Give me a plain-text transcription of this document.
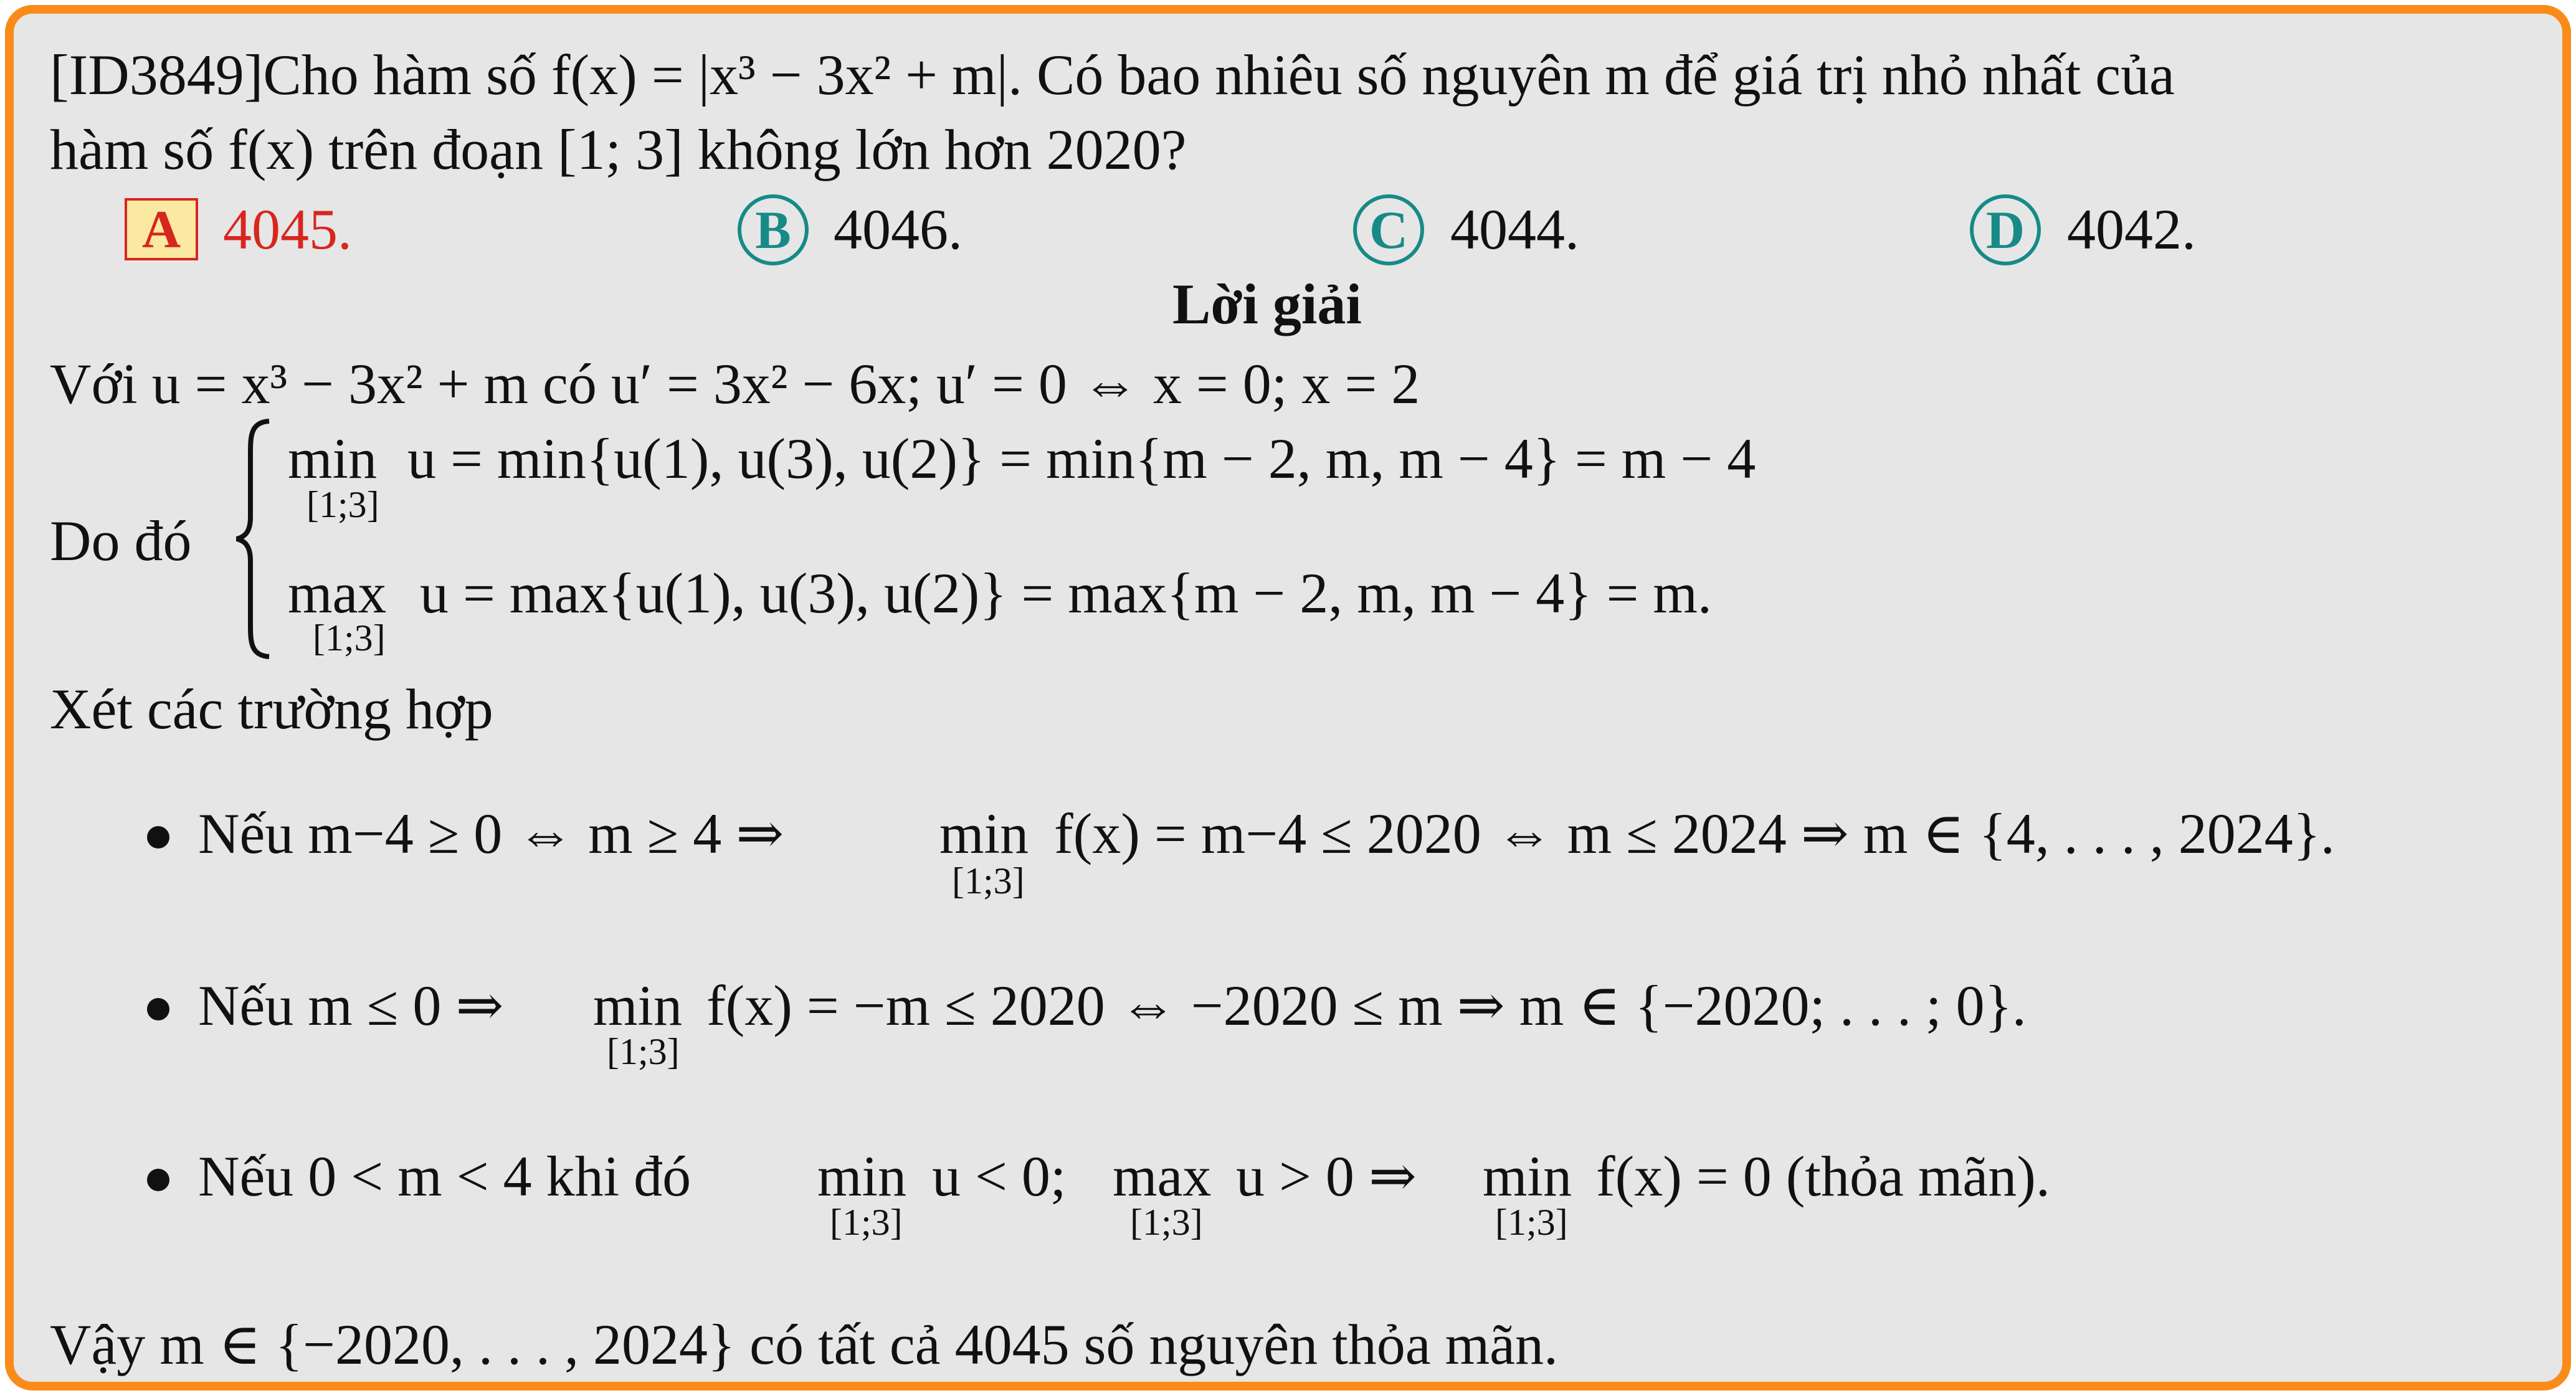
[ID3849]Cho hàm số f(x) = |x³ − 3x² + m|. Có bao nhiêu số nguyên m để giá trị nhỏ nhất của
hàm số f(x) trên đoạn [1; 3] không lớn hơn 2020?
A 4045.	B 4046.	C 4044.	D 4042.
Lời giải
Với u = x³ − 3x² + m có u′ = 3x² − 6x; u′ = 0 ⇔ x = 0; x = 2
Do đó
min
[1;3]
u = min{u(1), u(3), u(2)} = min{m − 2, m, m − 4} = m − 4
max
[1;3]
u = max{u(1), u(3), u(2)} = max{m − 2, m, m − 4} = m.
Xét các trường hợp
Nếu m−4 ≥ 0 ⇔ m ≥ 4 ⇒	min
[1;3]
f(x) = m−4 ≤ 2020 ⇔ m ≤ 2024 ⇒ m ∈ {4, . . . , 2024}.
Nếu m ≤ 0 ⇒ min
[1;3]
f(x) = −m ≤ 2020 ⇔ −2020 ≤ m ⇒ m ∈ {−2020; . . . ; 0}.
Nếu 0 < m < 4 khi đó min
[1;3]
u < 0; max
[1;3]
u > 0 ⇒ min
[1;3]
f(x) = 0 (thỏa mãn).
Vậy m ∈ {−2020, . . . , 2024} có tất cả 4045 số nguyên thỏa mãn.
